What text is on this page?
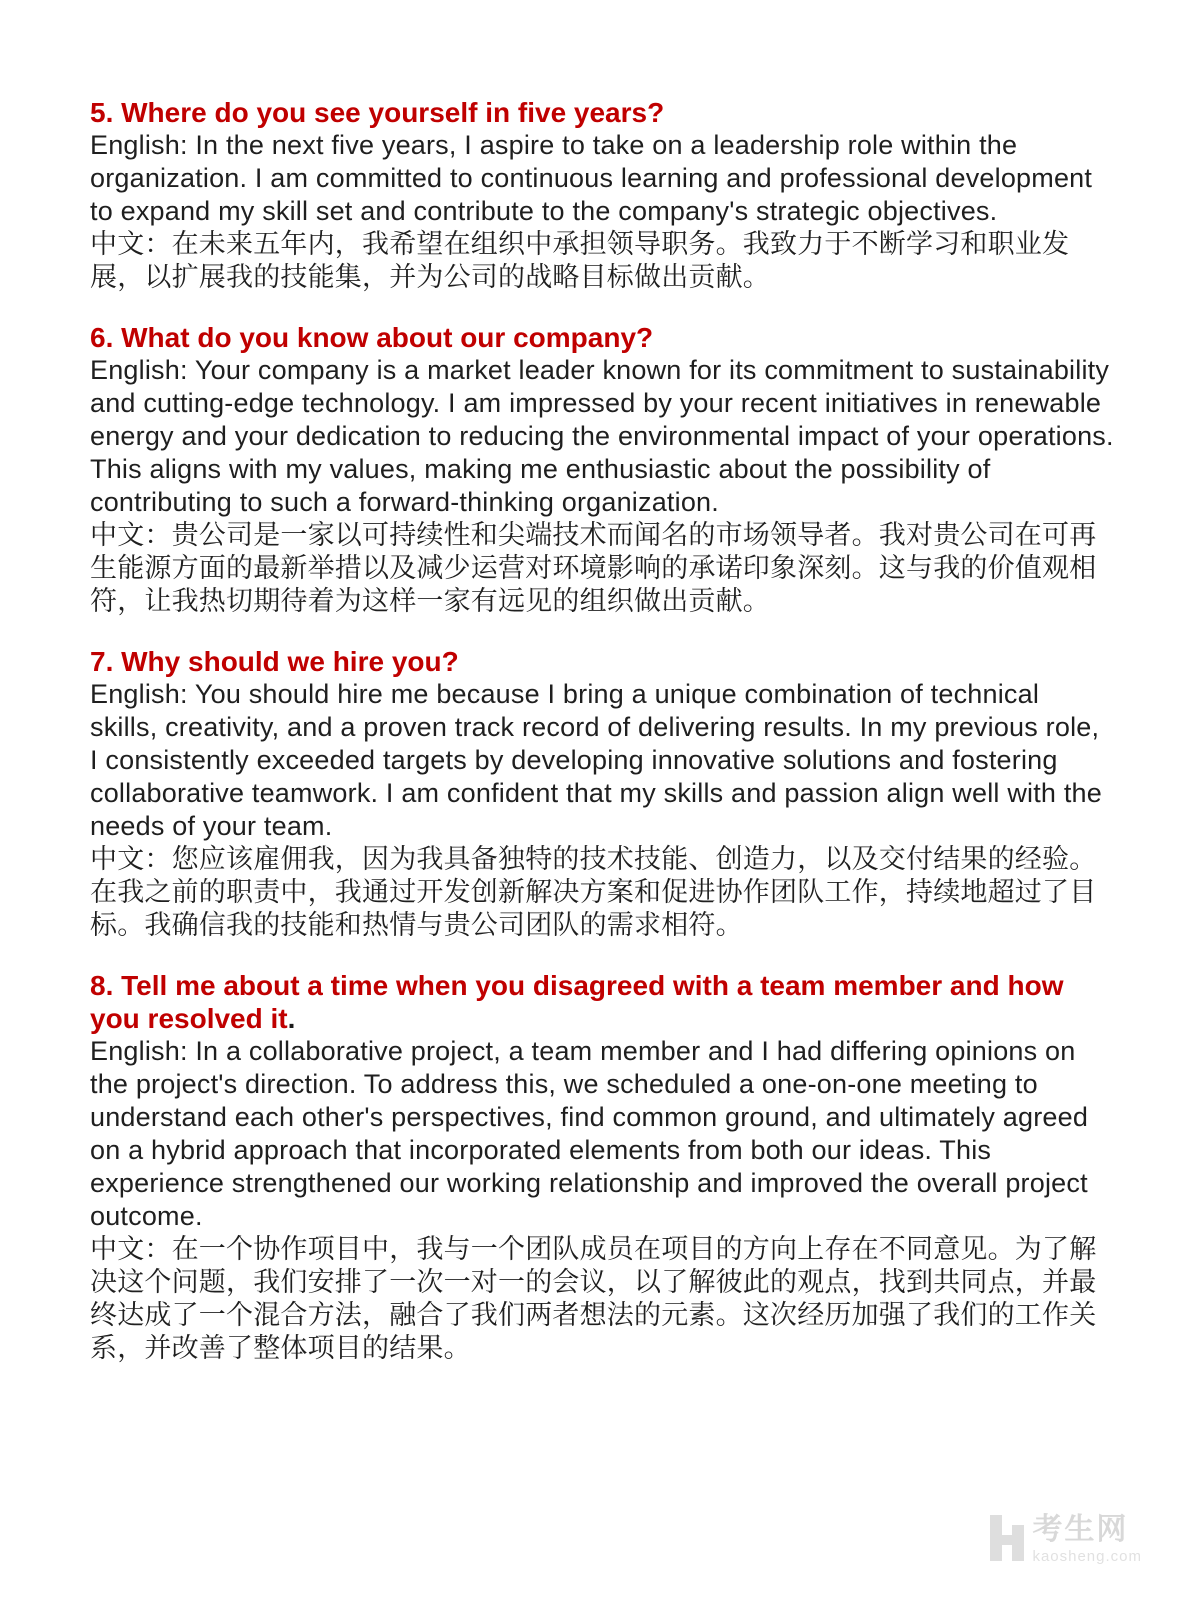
5. Where do you see yourself in five years?

English: In the next five years, I aspire to take on a leadership role within the organization. I am committed to continuous learning and professional development to expand my skill set and contribute to the company's strategic objectives.

中文：在未来五年内，我希望在组织中承担领导职务。我致力于不断学习和职业发展，以扩展我的技能集，并为公司的战略目标做出贡献。

6. What do you know about our company?

English: Your company is a market leader known for its commitment to sustainability and cutting-edge technology. I am impressed by your recent initiatives in renewable energy and your dedication to reducing the environmental impact of your operations. This aligns with my values, making me enthusiastic about the possibility of contributing to such a forward-thinking organization.

中文：贵公司是一家以可持续性和尖端技术而闻名的市场领导者。我对贵公司在可再生能源方面的最新举措以及减少运营对环境影响的承诺印象深刻。这与我的价值观相符，让我热切期待着为这样一家有远见的组织做出贡献。

7. Why should we hire you?

English: You should hire me because I bring a unique combination of technical skills, creativity, and a proven track record of delivering results. In my previous role, I consistently exceeded targets by developing innovative solutions and fostering collaborative teamwork. I am confident that my skills and passion align well with the needs of your team.

中文：您应该雇佣我，因为我具备独特的技术技能、创造力，以及交付结果的经验。在我之前的职责中，我通过开发创新解决方案和促进协作团队工作，持续地超过了目标。我确信我的技能和热情与贵公司团队的需求相符。

8. Tell me about a time when you disagreed with a team member and how you resolved it.

English: In a collaborative project, a team member and I had differing opinions on the project's direction. To address this, we scheduled a one-on-one meeting to understand each other's perspectives, find common ground, and ultimately agreed on a hybrid approach that incorporated elements from both our ideas. This experience strengthened our working relationship and improved the overall project outcome.

中文：在一个协作项目中，我与一个团队成员在项目的方向上存在不同意见。为了解决这个问题，我们安排了一次一对一的会议，以了解彼此的观点，找到共同点，并最终达成了一个混合方法，融合了我们两者想法的元素。这次经历加强了我们的工作关系，并改善了整体项目的结果。

考生网
kaosheng.com
